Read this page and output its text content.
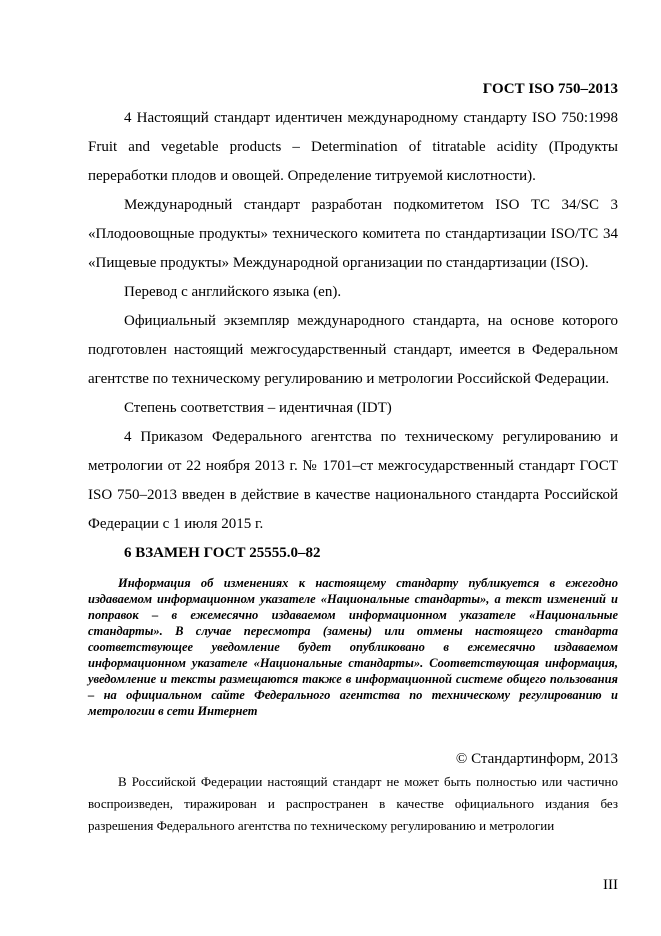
ГОСТ ISO 750–2013

4 Настоящий стандарт идентичен международному стандарту ISO 750:1998 Fruit and vegetable products – Determination of titratable acidity (Продукты переработки плодов и овощей. Определение титруемой кислотности).

Международный стандарт разработан подкомитетом ISO ТС 34/SC 3 «Плодоовощные продукты» технического комитета по стандартизации ISO/ТС 34 «Пищевые продукты» Международной организации по стандартизации (ISO).

Перевод с английского языка (en).

Официальный экземпляр международного стандарта, на основе которого подготовлен настоящий межгосударственный стандарт, имеется в Федеральном агентстве по техническому регулированию и метрологии Российской Федерации.

Степень соответствия – идентичная (IDT)

4 Приказом Федерального агентства по техническому регулированию и метрологии от 22 ноября 2013 г. № 1701–ст межгосударственный стандарт ГОСТ ISO 750–2013 введен в действие в качестве национального стандарта Российской Федерации с 1 июля 2015 г.

6 ВЗАМЕН ГОСТ 25555.0–82

Информация об изменениях к настоящему стандарту публикуется в ежегодно издаваемом информационном указателе «Национальные стандарты», а текст изменений и поправок – в ежемесячно издаваемом информационном указателе «Национальные стандарты». В случае пересмотра (замены) или отмены настоящего стандарта соответствующее уведомление будет опубликовано в ежемесячно издаваемом информационном указателе «Национальные стандарты». Соответствующая информация, уведомление и тексты размещаются также в информационной системе общего пользования – на официальном сайте Федерального агентства по техническому регулированию и метрологии в сети Интернет

© Стандартинформ, 2013

В Российской Федерации настоящий стандарт не может быть полностью или частично воспроизведен, тиражирован и распространен в качестве официального издания без разрешения Федерального агентства по техническому регулированию и метрологии

III
